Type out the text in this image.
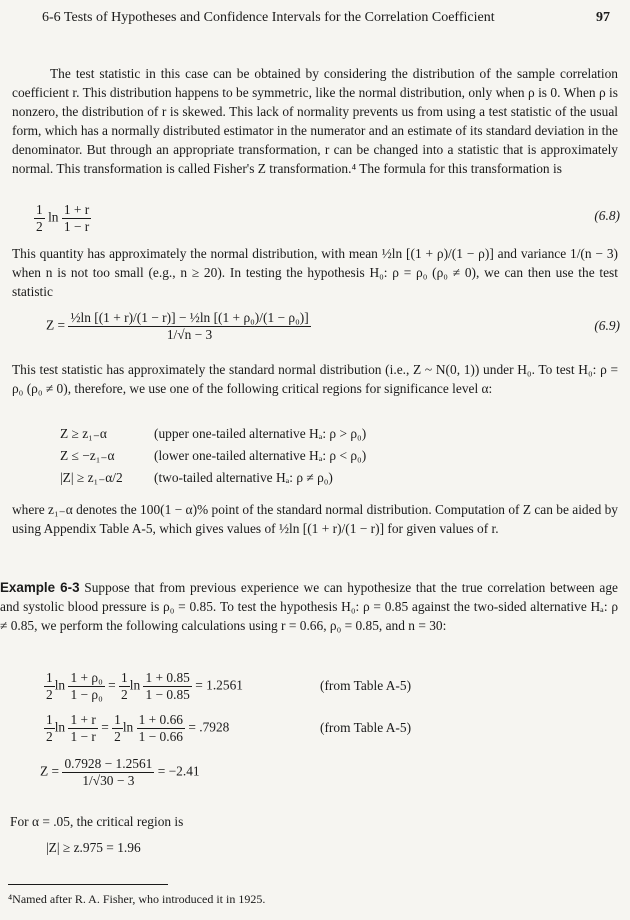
6-6 Tests of Hypotheses and Confidence Intervals for the Correlation Coefficient	97
The test statistic in this case can be obtained by considering the distribution of the sample correlation coefficient r. This distribution happens to be symmetric, like the normal distribution, only when ρ is 0. When ρ is nonzero, the distribution of r is skewed. This lack of normality prevents us from using a test statistic of the usual form, which has a normally distributed estimator in the numerator and an estimate of its standard deviation in the denominator. But through an appropriate transformation, r can be changed into a statistic that is approximately normal. This transformation is called Fisher's Z transformation.⁴ The formula for this transformation is
$\frac{1}{2}$ $\ln \frac{1 + r}{1 - r}$	(6.8)
This quantity has approximately the normal distribution, with mean ½ln [(1 + ρ)/(1 − ρ)] and variance 1/(n − 3) when n is not too small (e.g., n ≥ 20). In testing the hypothesis H₀: ρ = ρ₀ (ρ₀ ≠ 0), we can then use the test statistic
$Z = \frac{\text{½ln [(1 + r)/(1 − r)] − ½ln [(1 + ρ₀)/(1 − ρ₀)]}}{1/√n - 3}$	(6.9)
This test statistic has approximately the standard normal distribution (i.e., Z ~ N(0, 1)) under H₀. To test H₀: ρ = ρ₀ (ρ₀ ≠ 0), therefore, we use one of the following critical regions for significance level α:
Z ≥ z₁₋α	(upper one-tailed alternative Hₐ: ρ > ρ₀)
Z ≤ −z₁₋α	(lower one-tailed alternative Hₐ: ρ < ρ₀)
|Z| ≥ z₁₋α/2 (two-tailed alternative Hₐ: ρ ≠ ρ₀)
where z₁₋α denotes the 100(1 − α)% point of the standard normal distribution. Computation of Z can be aided by using Appendix Table A-5, which gives values of ½ln [(1 + r)/(1 − r)] for given values of r.
Example 6-3 Suppose that from previous experience we can hypothesize that the true correlation between age and systolic blood pressure is ρ₀ = 0.85. To test the hypothesis H₀: ρ = 0.85 against the two-sided alternative Hₐ: ρ ≠ 0.85, we perform the following calculations using r = 0.66, ρ₀ = 0.85, and n = 30:
$\frac{1}{2}$ $\ln \frac{\text{1 + ρ₀}}{\text{1 − ρ₀}} = \frac{1}{2}$ $\ln \frac{1 + 0.85}{1 - 0.85} = 1.2561$	(from Table A-5)
$\frac{1}{2}$ $\ln \frac{1 + r}{1 - r} = \frac{1}{2}$ $\ln \frac{1 + 0.66}{1 - 0.66} = .7928$	(from Table A-5)
$Z = \frac{0.7928 - 1.2561}{1/√30 - 3} = -2.41$
For α = .05, the critical region is
|Z| ≥ z.975 = 1.96
⁴Named after R. A. Fisher, who introduced it in 1925.
